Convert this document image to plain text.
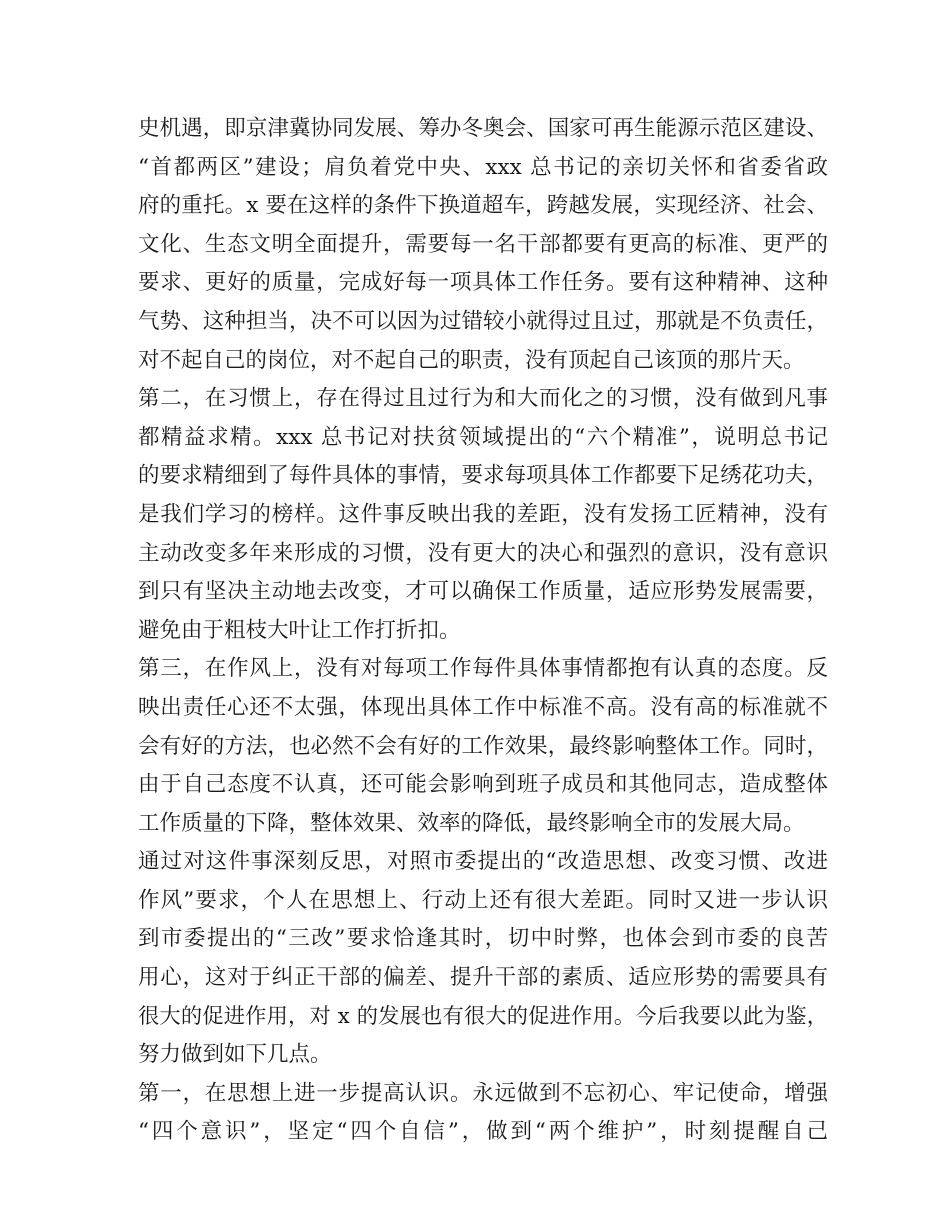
史机遇，即京津冀协同发展、筹办冬奥会、国家可再生能源示范区建设、
“首都两区”建设；肩负着党中央、xxx 总书记的亲切关怀和省委省政
府的重托。x 要在这样的条件下换道超车，跨越发展，实现经济、社会、
文化、生态文明全面提升，需要每一名干部都要有更高的标准、更严的
要求、更好的质量，完成好每一项具体工作任务。要有这种精神、这种
气势、这种担当，决不可以因为过错较小就得过且过，那就是不负责任，
对不起自己的岗位，对不起自己的职责，没有顶起自己该顶的那片天。
第二，在习惯上，存在得过且过行为和大而化之的习惯，没有做到凡事
都精益求精。xxx 总书记对扶贫领域提出的“六个精准”，说明总书记
的要求精细到了每件具体的事情，要求每项具体工作都要下足绣花功夫，
是我们学习的榜样。这件事反映出我的差距，没有发扬工匠精神，没有
主动改变多年来形成的习惯，没有更大的决心和强烈的意识，没有意识
到只有坚决主动地去改变，才可以确保工作质量，适应形势发展需要，
避免由于粗枝大叶让工作打折扣。
第三，在作风上，没有对每项工作每件具体事情都抱有认真的态度。反
映出责任心还不太强，体现出具体工作中标准不高。没有高的标准就不
会有好的方法，也必然不会有好的工作效果，最终影响整体工作。同时，
由于自己态度不认真，还可能会影响到班子成员和其他同志，造成整体
工作质量的下降，整体效果、效率的降低，最终影响全市的发展大局。
通过对这件事深刻反思，对照市委提出的“改造思想、改变习惯、改进
作风”要求，个人在思想上、行动上还有很大差距。同时又进一步认识
到市委提出的“三改”要求恰逢其时，切中时弊，也体会到市委的良苦
用心，这对于纠正干部的偏差、提升干部的素质、适应形势的需要具有
很大的促进作用，对 x 的发展也有很大的促进作用。今后我要以此为鉴，
努力做到如下几点。
第一，在思想上进一步提高认识。永远做到不忘初心、牢记使命，增强
“四个意识”，坚定“四个自信”，做到“两个维护”，时刻提醒自己
